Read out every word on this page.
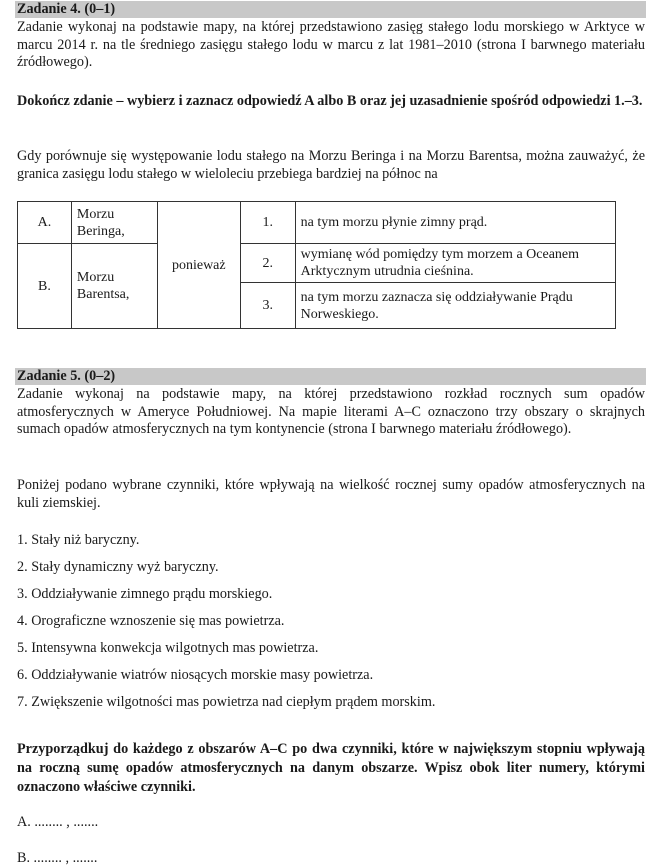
Zadanie 4. (0–1)
Zadanie wykonaj na podstawie mapy, na której przedstawiono zasięg stałego lodu morskiego w Arktyce w marcu 2014 r. na tle średniego zasięgu stałego lodu w marcu z lat 1981–2010 (strona I barwnego materiału źródłowego).
Dokończ zdanie – wybierz i zaznacz odpowiedź A albo B oraz jej uzasadnienie spośród odpowiedzi 1.–3.
Gdy porównuje się występowanie lodu stałego na Morzu Beringa i na Morzu Barentsa, można zauważyć, że granica zasięgu lodu stałego w wieloleciu przebiega bardziej na północ na
A.	Morzu Beringa,	ponieważ	1.	na tym morzu płynie zimny prąd.

B.	Morzu Barentsa,		2.	wymianę wód pomiędzy tym morzem a Oceanem Arktycznym utrudnia cieśnina.
			3.	na tym morzu zaznacza się oddziaływanie Prądu Norweskiego.
Zadanie 5. (0–2)
Zadanie wykonaj na podstawie mapy, na której przedstawiono rozkład rocznych sum opadów atmosferycznych w Ameryce Południowej. Na mapie literami A–C oznaczono trzy obszary o skrajnych sumach opadów atmosferycznych na tym kontynencie (strona I barwnego materiału źródłowego).
Poniżej podano wybrane czynniki, które wpływają na wielkość rocznej sumy opadów atmosferycznych na kuli ziemskiej.
1. Stały niż baryczny.
2. Stały dynamiczny wyż baryczny.
3. Oddziaływanie zimnego prądu morskiego.
4. Orograficzne wznoszenie się mas powietrza.
5. Intensywna konwekcja wilgotnych mas powietrza.
6. Oddziaływanie wiatrów niosących morskie masy powietrza.
7. Zwiększenie wilgotności mas powietrza nad ciepłym prądem morskim.
Przyporządkuj do każdego z obszarów A–C po dwa czynniki, które w największym stopniu wpływają na roczną sumę opadów atmosferycznych na danym obszarze. Wpisz obok liter numery, którymi oznaczono właściwe czynniki.
A. ........ , .......
B. ........ , .......
